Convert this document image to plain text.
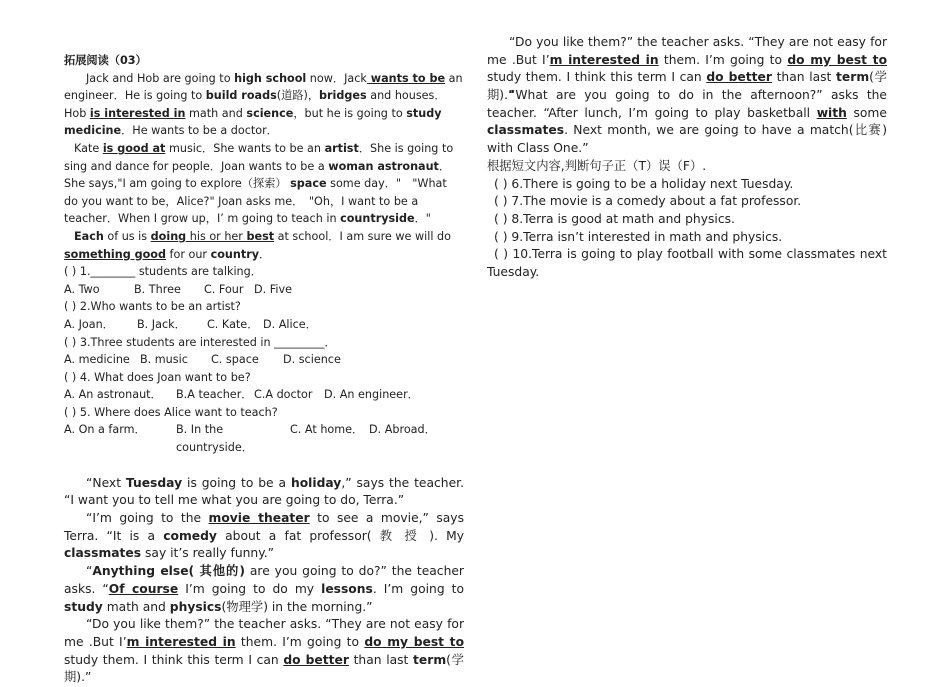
拓展阅读（03）

Jack and Hob are going to high school now．Jack wants to be an engineer．He is going to build roads(道路)，bridges and houses．Hob is interested in math and science，but he is going to study medicine．He wants to be a doctor．

Kate is good at music．She wants to be an artist．She is going to sing and dance for people．Joan wants to be a woman astronaut．She says,"I am going to explore（探索） space some day．"　"What do you want to be，Alice?" Joan asks me．　"Oh，I want to be a teacher．When I grow up，I’ m going to teach in countryside．"

Each of us is doing his or her best at school．I am sure we will do something good for our country．

( ) 1.________ students are talking．

A. Two	B. Three	C. Four D. Five

( ) 2.Who wants to be an artist?

A. Joan．	B. Jack．	C. Kate． D. Alice．

( ) 3.Three students are interested in _________．

A. medicine B. music	C. space	D. science

( ) 4. What does Joan want to be?

A. An astronaut．	B.A teacher． C.A doctor	D. An engineer．

( ) 5. Where does Alice want to teach?

A. On a farm．	B. In the countryside．
C. At home． D. Abroad．

“Next Tuesday is going to be a holiday,” says the teacher. “I want you to tell me what you are going to do, Terra.”

“I’m going to the movie theater to see a movie,” says Terra. “It is a comedy about a fat professor( 教 授 ). My classmates say it’s really funny.”

“Anything else( 其他的) are you going to do?” the teacher asks. “Of course I’m going to do my lessons. I’m going to study math and physics(物理学) in the morning.”

“Do you like them?” the teacher asks. “They are not easy for me .But I’m interested in them. I’m going to do my best to study them. I think this term I can do better than last term(学期).”

“Do you like them?” the teacher asks. “They are not easy for me .But I’m interested in them. I’m going to do my best to study them. I think this term I can do better than last term(学期).”

“What are you going to do in the afternoon?” asks the teacher. “After lunch, I’m going to play basketball with some classmates. Next month, we are going to have a match(比赛) with Class One.”

根据短文内容,判断句子正（T）误（F）.

( ) 6.There is going to be a holiday next Tuesday.

( ) 7.The movie is a comedy about a fat professor.

( ) 8.Terra is good at math and physics.

( ) 9.Terra isn’t interested in math and physics.

( ) 10.Terra is going to play football with some classmates next Tuesday.
